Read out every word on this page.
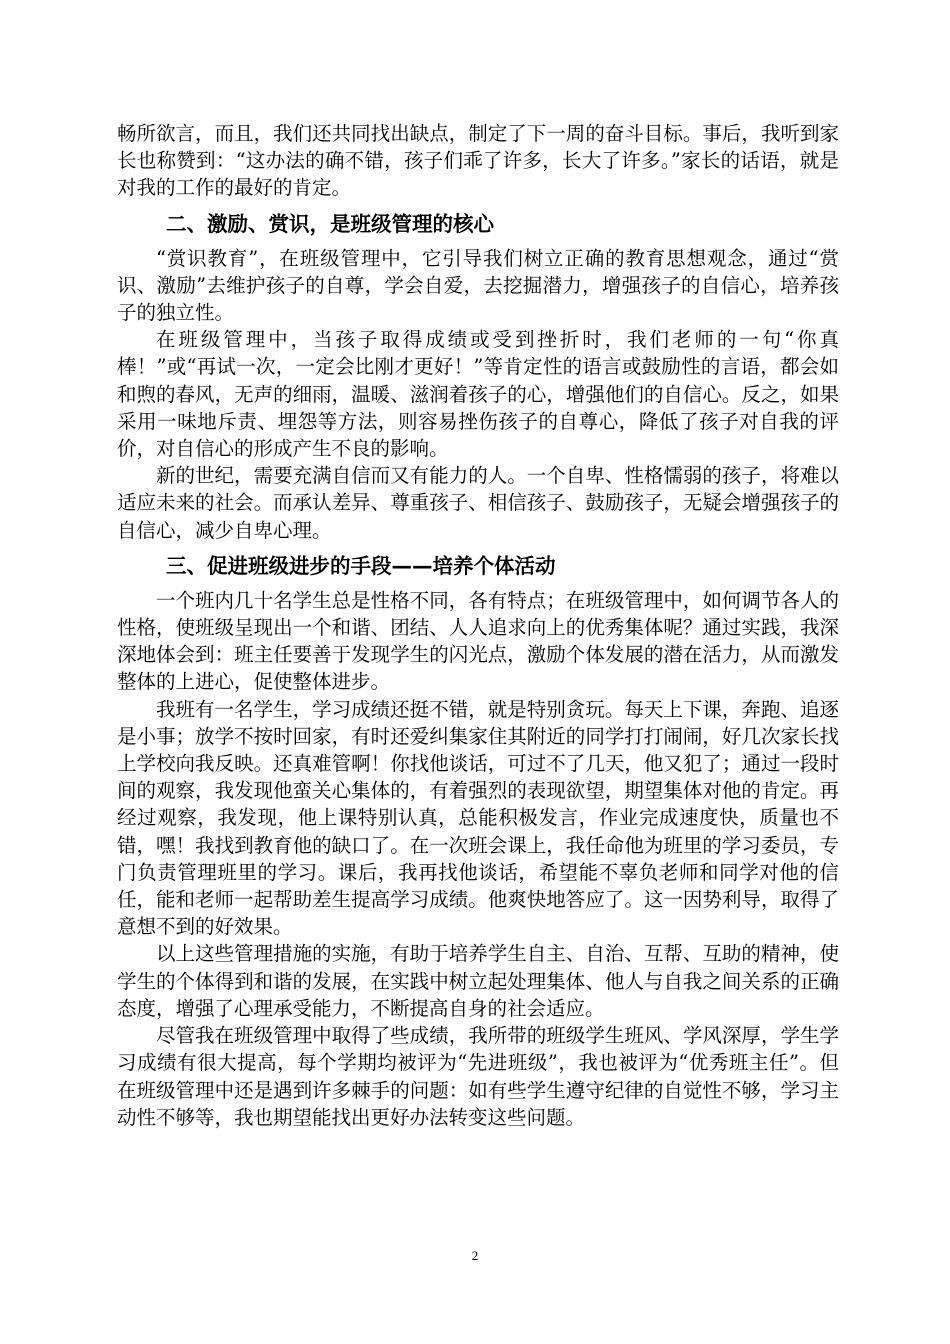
畅所欲言，而且，我们还共同找出缺点，制定了下一周的奋斗目标。事后，我听到家长也称赞到：“这办法的确不错，孩子们乖了许多，长大了许多。”家长的话语，就是对我的工作的最好的肯定。

二、激励、赏识，是班级管理的核心

“赏识教育”，在班级管理中，它引导我们树立正确的教育思想观念，通过“赏识、激励”去维护孩子的自尊，学会自爱，去挖掘潜力，增强孩子的自信心，培养孩子的独立性。

在班级管理中，当孩子取得成绩或受到挫折时，我们老师的一句“你真棒！”或“再试一次，一定会比刚才更好！”等肯定性的语言或鼓励性的言语，都会如和煦的春风，无声的细雨，温暖、滋润着孩子的心，增强他们的自信心。反之，如果采用一味地斥责、埋怨等方法，则容易挫伤孩子的自尊心，降低了孩子对自我的评价，对自信心的形成产生不良的影响。

新的世纪，需要充满自信而又有能力的人。一个自卑、性格懦弱的孩子，将难以适应未来的社会。而承认差异、尊重孩子、相信孩子、鼓励孩子，无疑会增强孩子的自信心，减少自卑心理。

三、促进班级进步的手段——培养个体活动

一个班内几十名学生总是性格不同，各有特点；在班级管理中，如何调节各人的性格，使班级呈现出一个和谐、团结、人人追求向上的优秀集体呢？通过实践，我深深地体会到：班主任要善于发现学生的闪光点，激励个体发展的潜在活力，从而激发整体的上进心，促使整体进步。

我班有一名学生，学习成绩还挺不错，就是特别贪玩。每天上下课，奔跑、追逐是小事；放学不按时回家，有时还爱纠集家住其附近的同学打打闹闹，好几次家长找上学校向我反映。还真难管啊！你找他谈话，可过不了几天，他又犯了；通过一段时间的观察，我发现他蛮关心集体的，有着强烈的表现欲望，期望集体对他的肯定。再经过观察，我发现，他上课特别认真，总能积极发言，作业完成速度快，质量也不错，嘿！我找到教育他的缺口了。在一次班会课上，我任命他为班里的学习委员，专门负责管理班里的学习。课后，我再找他谈话，希望能不辜负老师和同学对他的信任，能和老师一起帮助差生提高学习成绩。他爽快地答应了。这一因势利导，取得了意想不到的好效果。

以上这些管理措施的实施，有助于培养学生自主、自治、互帮、互助的精神，使学生的个体得到和谐的发展，在实践中树立起处理集体、他人与自我之间关系的正确态度，增强了心理承受能力，不断提高自身的社会适应。

尽管我在班级管理中取得了些成绩，我所带的班级学生班风、学风深厚，学生学习成绩有很大提高，每个学期均被评为“先进班级”，我也被评为“优秀班主任”。但在班级管理中还是遇到许多棘手的问题：如有些学生遵守纪律的自觉性不够，学习主动性不够等，我也期望能找出更好办法转变这些问题。

2
